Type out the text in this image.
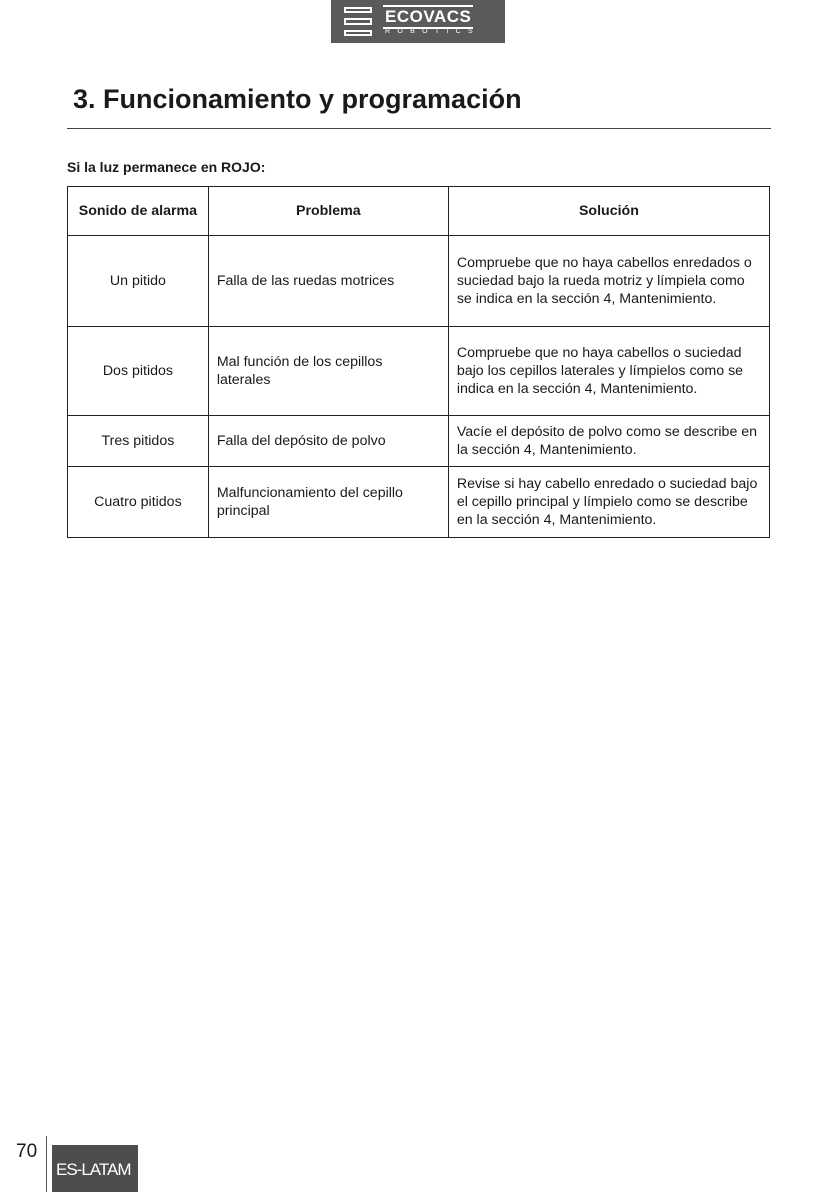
ECOVACS
ROBOTICS
3. Funcionamiento y programación
Si la luz permanece en ROJO:
Sonido de alarma	Problema	Solución
Un pitido	Falla de las ruedas motrices	Compruebe que no haya cabellos enredados o suciedad bajo la rueda motriz y límpiela como se indica en la sección 4, Mantenimiento.
Dos pitidos	Mal función de los cepillos laterales	Compruebe que no haya cabellos o suciedad bajo los cepillos laterales y límpielos como se indica en la sección 4, Mantenimiento.
Tres pitidos	Falla del depósito de polvo	Vacíe el depósito de polvo como se describe en la sección 4, Mantenimiento.
Cuatro pitidos	Malfuncionamiento del cepillo principal	Revise si hay cabello enredado o suciedad bajo el cepillo principal y límpielo como se describe en la sección 4, Mantenimiento.
70
ES-LATAM
